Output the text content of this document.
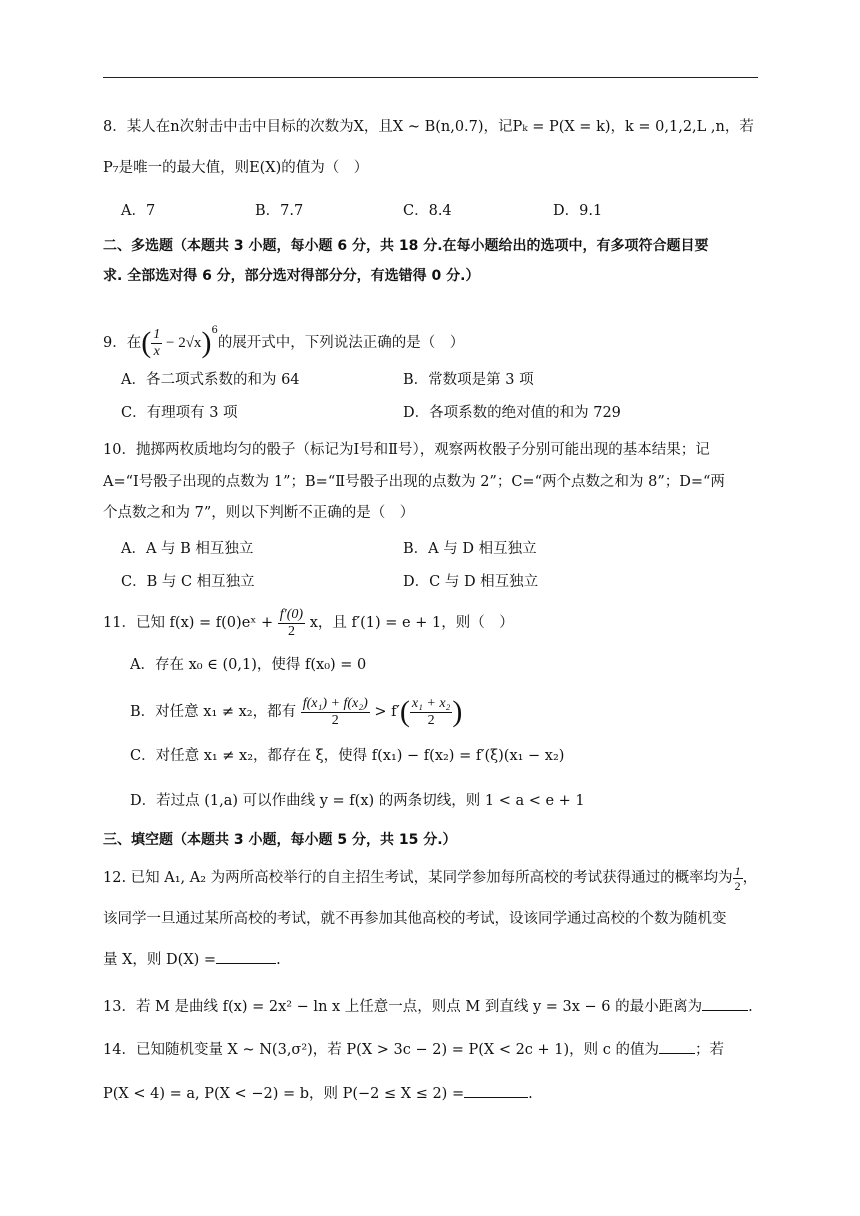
8．某人在n次射击中击中目标的次数为X，且X ~ B(n,0.7)，记Pₖ = P(X = k)，k = 0,1,2,L ,n，若
P₇是唯一的最大值，则E(X)的值为（　）
A．7	B．7.7	C．8.4	D．9.1
二、多选题（本题共 3 小题，每小题 6 分，共 18 分.在每小题给出的选项中，有多项符合题目要
求. 全部选对得 6 分，部分选对得部分分，有选错得 0 分.）
9．在( $\frac{1}{x} - 2√x)^6$的展开式中，下列说法正确的是（　）
A．各二项式系数的和为 64	B．常数项是第 3 项
C．有理项有 3 项	D．各项系数的绝对值的和为 729
10．抛掷两枚质地均匀的骰子（标记为Ⅰ号和Ⅱ号），观察两枚骰子分别可能出现的基本结果；记
A=“Ⅰ号骰子出现的点数为 1”；B=“Ⅱ号骰子出现的点数为 2”；C=“两个点数之和为 8”；D=“两
个点数之和为 7”，则以下判断不正确的是（　）
A．A 与 B 相互独立	B．A 与 D 相互独立
C．B 与 C 相互独立	D．C 与 D 相互独立
11．已知 f(x) = f(0)eˣ + $\frac{f'(0)}{2}$ x，且 f′(1) = e + 1，则（　）
A．存在 x₀ ∈ (0,1)，使得 f(x₀) = 0
B．对任意 x₁ ≠ x₂，都有 $\frac{\text{f(x₁) + f(x₂)}}{2} > f'( \frac{\text{x₁ + x₂}}{2}$ )
C．对任意 x₁ ≠ x₂，都存在 ξ，使得 f(x₁) − f(x₂) = f′(ξ)(x₁ − x₂)
D．若过点 (1,a) 可以作曲线 y = f(x) 的两条切线，则 1 < a < e + 1
三、填空题（本题共 3 小题，每小题 5 分，共 15 分.）
12. 已知 A₁, A₂ 为两所高校举行的自主招生考试，某同学参加每所高校的考试获得通过的概率均为 $\frac{1}{2}$ ，
该同学一旦通过某所高校的考试，就不再参加其他高校的考试，设该同学通过高校的个数为随机变
量 X，则 D(X) =	.
13．若 M 是曲线 f(x) = 2x² − ln x 上任意一点，则点 M 到直线 y = 3x − 6 的最小距离为	.
14．已知随机变量 X ~ N(3,σ²)，若 P(X > 3c − 2) = P(X < 2c + 1)，则 c 的值为 ；若
P(X < 4) = a, P(X < −2) = b，则 P(−2 ≤ X ≤ 2) =	.
